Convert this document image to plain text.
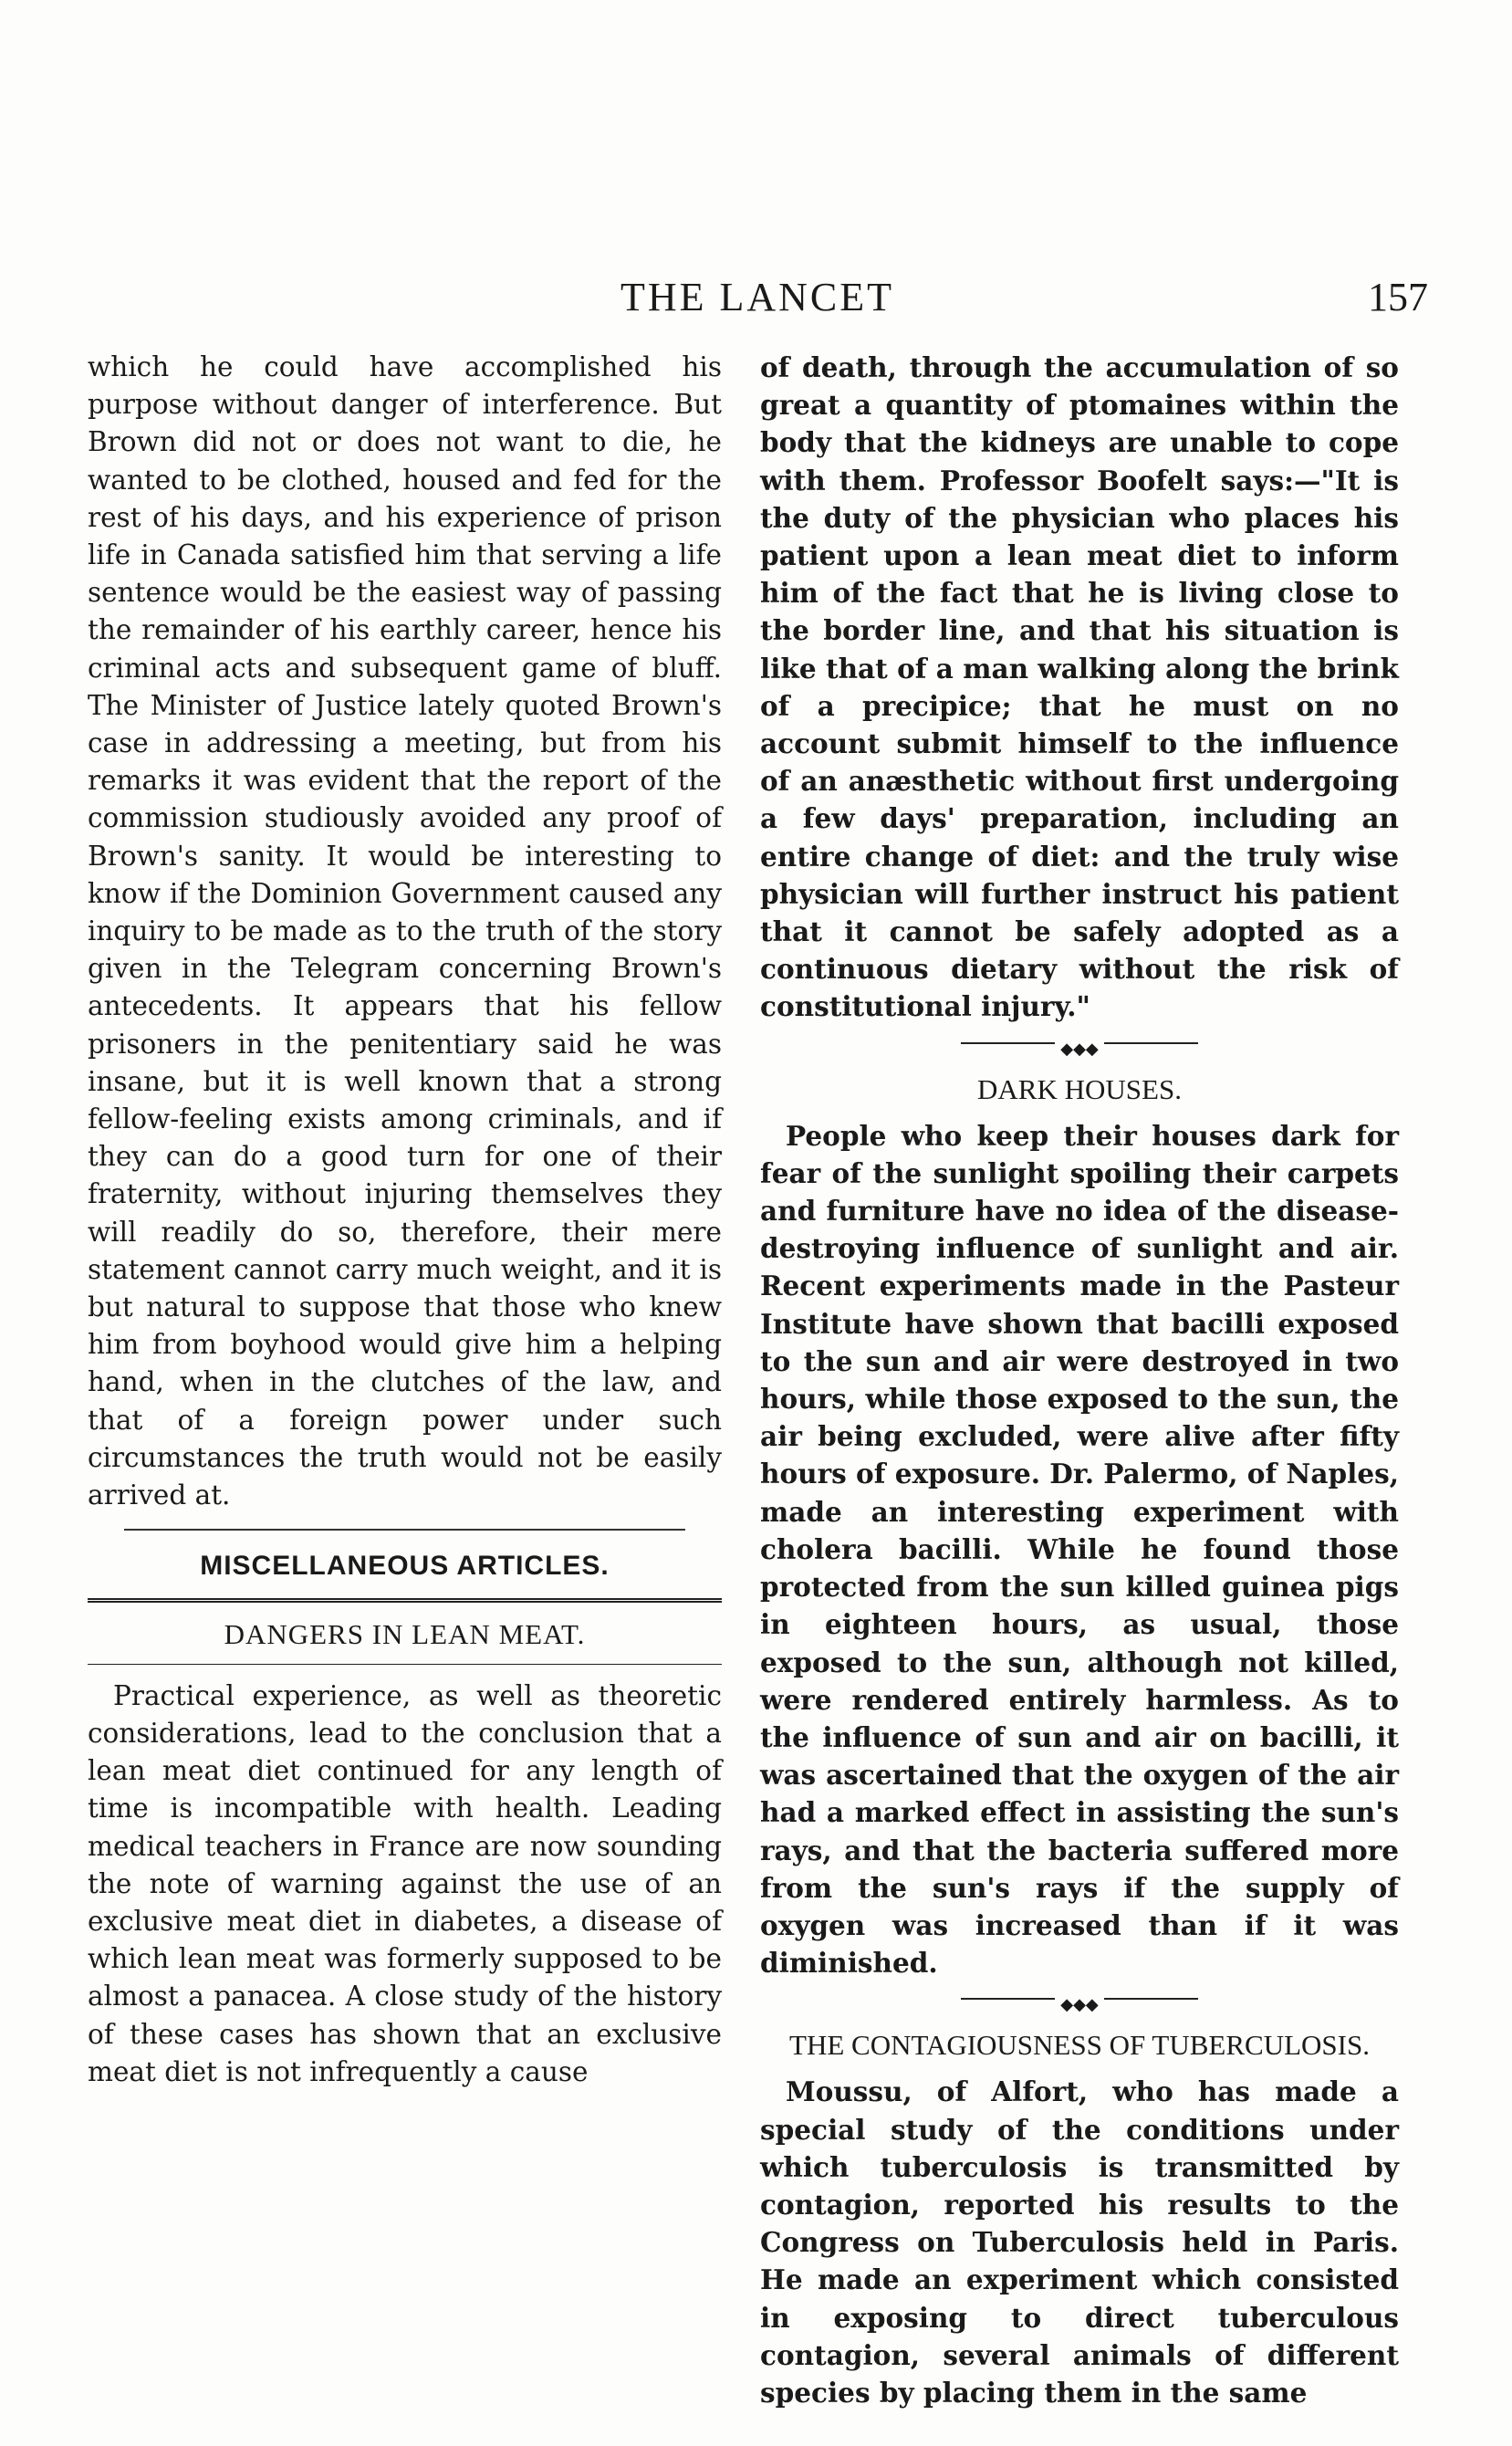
THE LANCET	157

which he could have accomplished his purpose without danger of interference. But Brown did not or does not want to die, he wanted to be clothed, housed and fed for the rest of his days, and his experience of prison life in Canada satisfied him that serving a life sentence would be the easiest way of passing the remainder of his earthly career, hence his criminal acts and subsequent game of bluff. The Minister of Justice lately quoted Brown's case in addressing a meeting, but from his remarks it was evident that the report of the commission studiously avoided any proof of Brown's sanity. It would be interesting to know if the Dominion Government caused any inquiry to be made as to the truth of the story given in the Telegram concerning Brown's antecedents. It appears that his fellow prisoners in the penitentiary said he was insane, but it is well known that a strong fellow-feeling exists among criminals, and if they can do a good turn for one of their fraternity, without injuring themselves they will readily do so, therefore, their mere statement cannot carry much weight, and it is but natural to suppose that those who knew him from boyhood would give him a helping hand, when in the clutches of the law, and that of a foreign power under such circumstances the truth would not be easily arrived at.

MISCELLANEOUS ARTICLES.
DANGERS IN LEAN MEAT.

Practical experience, as well as theoretic considerations, lead to the conclusion that a lean meat diet continued for any length of time is incompatible with health. Leading medical teachers in France are now sounding the note of warning against the use of an exclusive meat diet in diabetes, a disease of which lean meat was formerly supposed to be almost a panacea. A close study of the history of these cases has shown that an exclusive meat diet is not infrequently a cause

of death, through the accumulation of so great a quantity of ptomaines within the body that the kidneys are unable to cope with them. Professor Boofelt says:—"It is the duty of the physician who places his patient upon a lean meat diet to inform him of the fact that he is living close to the border line, and that his situation is like that of a man walking along the brink of a precipice; that he must on no account submit himself to the influence of an anæsthetic without first undergoing a few days' preparation, including an entire change of diet: and the truly wise physician will further instruct his patient that it cannot be safely adopted as a continuous dietary without the risk of constitutional injury."

◆◆◆
DARK HOUSES.

People who keep their houses dark for fear of the sunlight spoiling their carpets and furniture have no idea of the disease-destroying influence of sunlight and air. Recent experiments made in the Pasteur Institute have shown that bacilli exposed to the sun and air were destroyed in two hours, while those exposed to the sun, the air being excluded, were alive after fifty hours of exposure. Dr. Palermo, of Naples, made an interesting experiment with cholera bacilli. While he found those protected from the sun killed guinea pigs in eighteen hours, as usual, those exposed to the sun, although not killed, were rendered entirely harmless. As to the influence of sun and air on bacilli, it was ascertained that the oxygen of the air had a marked effect in assisting the sun's rays, and that the bacteria suffered more from the sun's rays if the supply of oxygen was increased than if it was diminished.

◆◆◆
THE CONTAGIOUSNESS OF TUBERCULOSIS.

Moussu, of Alfort, who has made a special study of the conditions under which tuberculosis is transmitted by contagion, reported his results to the Congress on Tuberculosis held in Paris. He made an experiment which consisted in exposing to direct tuberculous contagion, several animals of different species by placing them in the same
